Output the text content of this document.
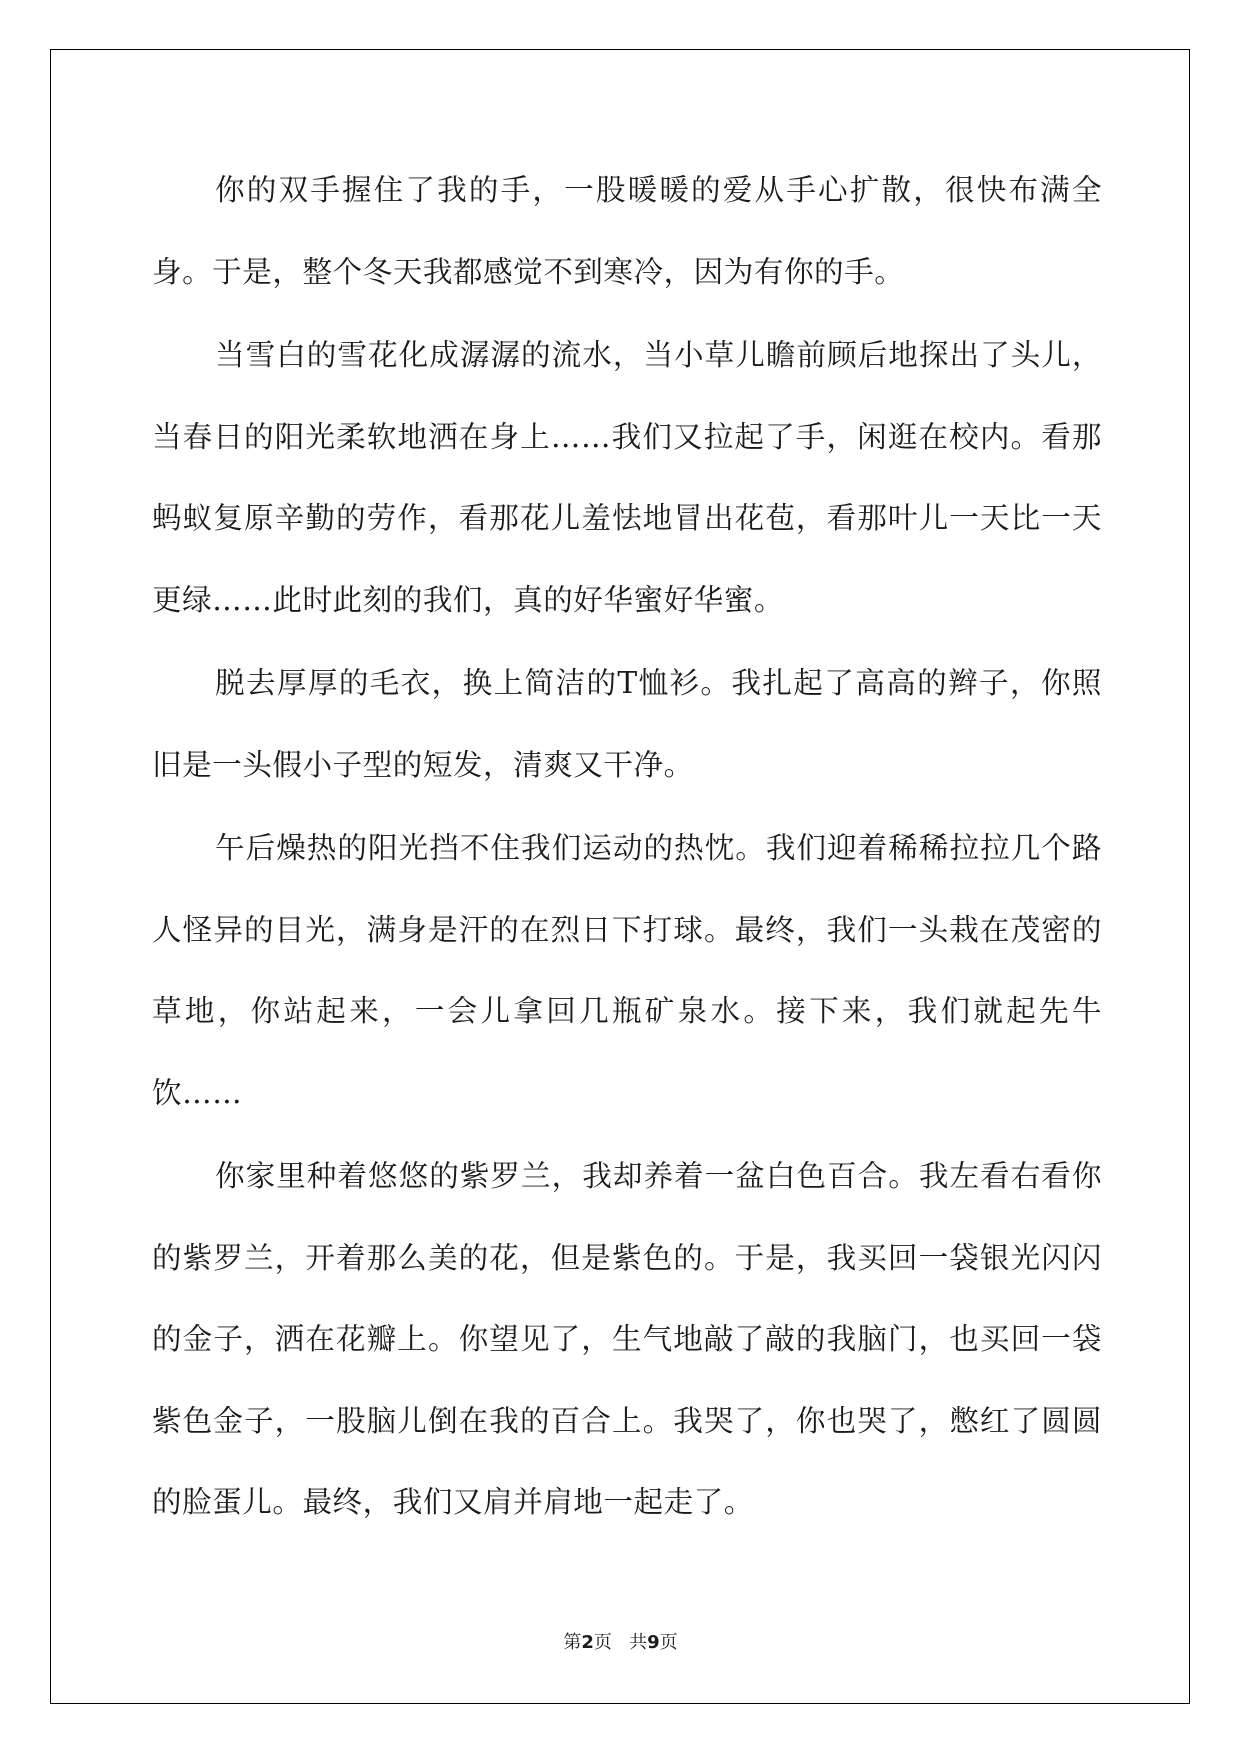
你的双手握住了我的手，一股暖暖的爱从手心扩散，很快布满全身。于是，整个冬天我都感觉不到寒冷，因为有你的手。

当雪白的雪花化成潺潺的流水，当小草儿瞻前顾后地探出了头儿，当春日的阳光柔软地洒在身上……我们又拉起了手，闲逛在校内。看那蚂蚁复原辛勤的劳作，看那花儿羞怯地冒出花苞，看那叶儿一天比一天更绿……此时此刻的我们，真的好华蜜好华蜜。

脱去厚厚的毛衣，换上简洁的T恤衫。我扎起了高高的辫子，你照旧是一头假小子型的短发，清爽又干净。

午后燥热的阳光挡不住我们运动的热忱。我们迎着稀稀拉拉几个路人怪异的目光，满身是汗的在烈日下打球。最终，我们一头栽在茂密的草地，你站起来，一会儿拿回几瓶矿泉水。接下来，我们就起先牛饮……

你家里种着悠悠的紫罗兰，我却养着一盆白色百合。我左看右看你的紫罗兰，开着那么美的花，但是紫色的。于是，我买回一袋银光闪闪的金子，洒在花瓣上。你望见了，生气地敲了敲的我脑门，也买回一袋紫色金子，一股脑儿倒在我的百合上。我哭了，你也哭了，憋红了圆圆的脸蛋儿。最终，我们又肩并肩地一起走了。

第2页 共9页
